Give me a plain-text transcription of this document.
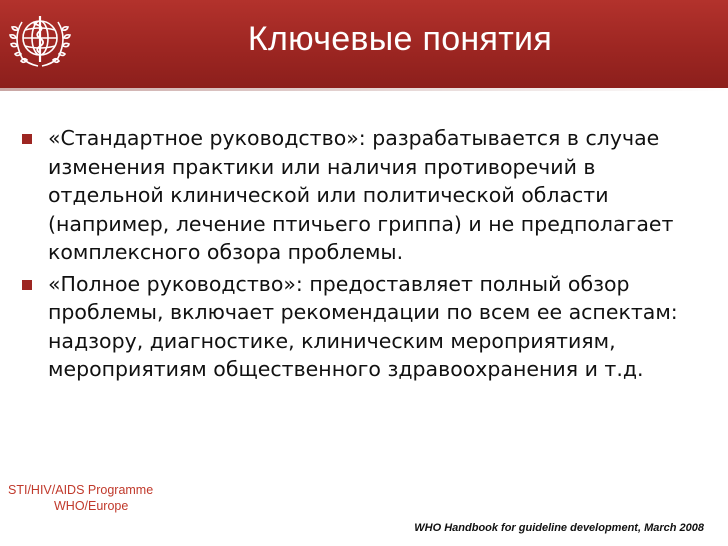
Ключевые понятия
«Стандартное руководство»: разрабатывается в случае изменения практики или наличия противоречий в отдельной клинической или политической области (например, лечение птичьего гриппа) и не предполагает комплексного обзора проблемы.
«Полное руководство»: предоставляет полный обзор проблемы, включает рекомендации по всем ее аспектам: надзору, диагностике, клиническим мероприятиям, мероприятиям общественного здравоохранения и т.д.
STI/HIV/AIDS Programme
WHO/Europe
WHO Handbook for guideline development, March 2008
